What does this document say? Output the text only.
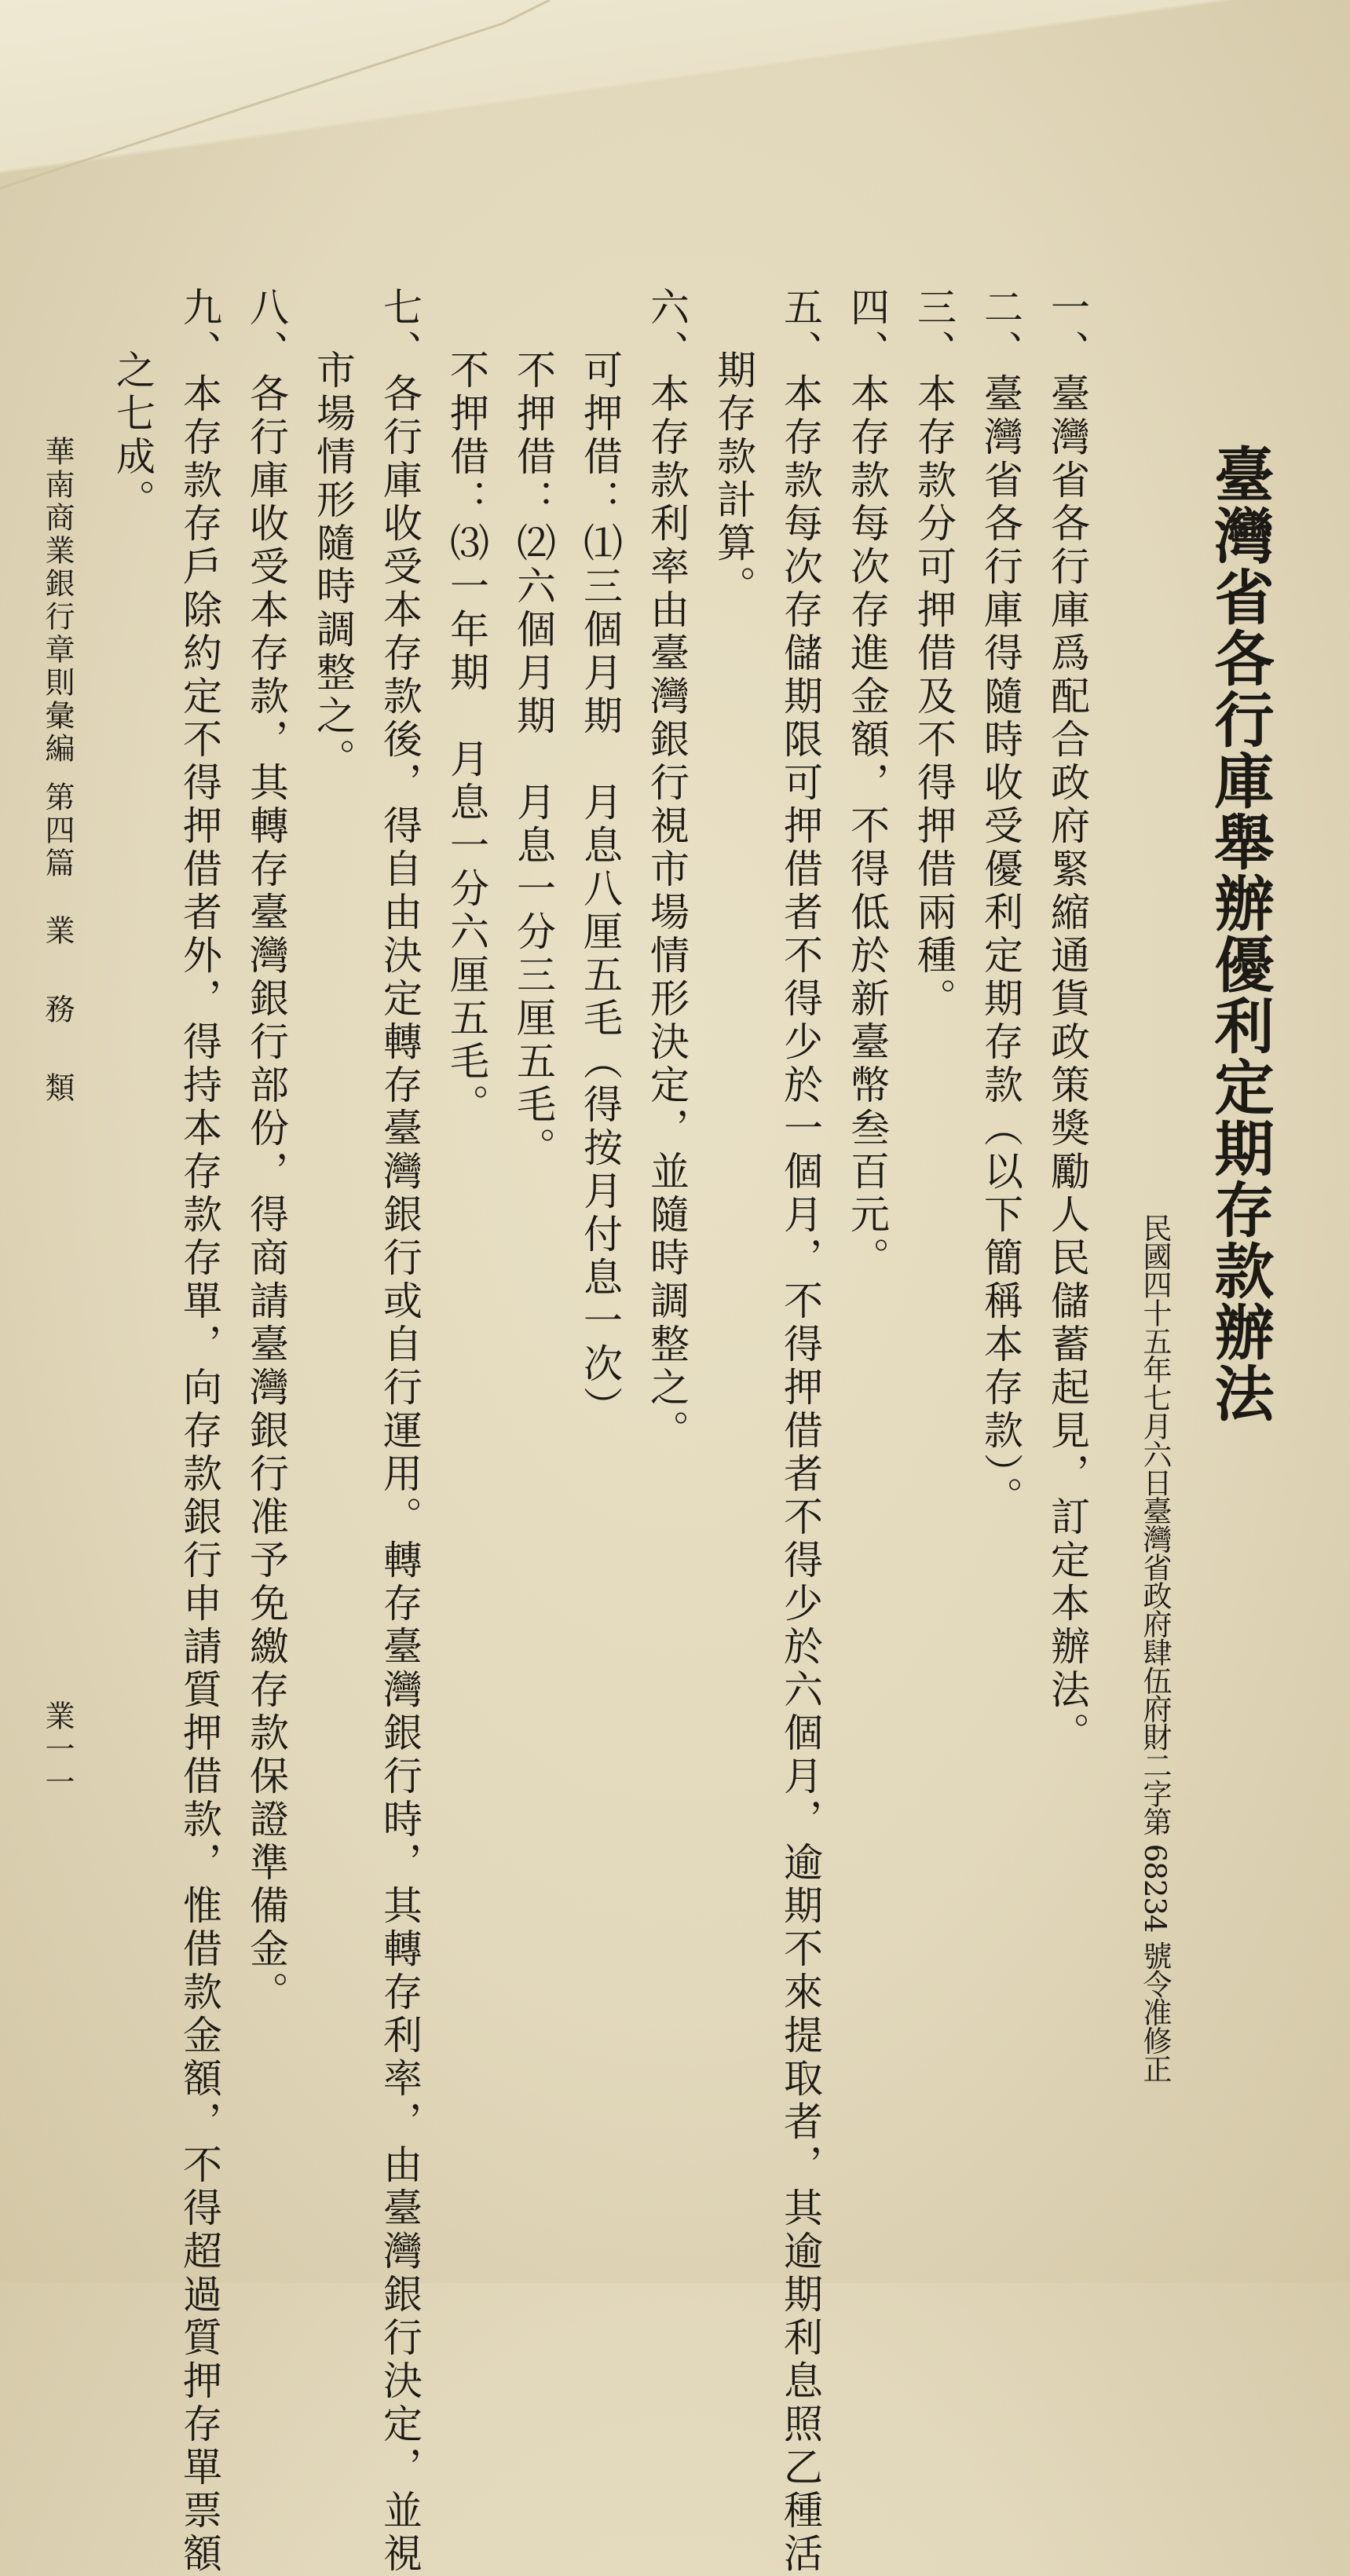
臺灣省各行庫舉辦優利定期存款辦法
民國四十五年七月六日臺灣省政府肆伍府財二字第 68234 號令准修正
一、臺灣省各行庫爲配合政府緊縮通貨政策獎勵人民儲蓄起見，訂定本辦法。
二、臺灣省各行庫得隨時收受優利定期存款（以下簡稱本存款）。
三、本存款分可押借及不得押借兩種。
四、本存款每次存進金額，不得低於新臺幣叁百元。
五、本存款每次存儲期限可押借者不得少於一個月，不得押借者不得少於六個月，逾期不來提取者，其逾期利息照乙種活
期存款計算。
六、本存款利率由臺灣銀行視市場情形決定，並隨時調整之。
可押借：⑴三個月期　月息八厘五毛（得按月付息一次）
不押借：⑵六個月期　月息一分三厘五毛。
不押借：⑶一年期　月息一分六厘五毛。
七、各行庫收受本存款後，得自由決定轉存臺灣銀行或自行運用。轉存臺灣銀行時，其轉存利率，由臺灣銀行決定，並視
市場情形隨時調整之。
八、各行庫收受本存款，其轉存臺灣銀行部份，得商請臺灣銀行准予免繳存款保證準備金。
九、本存款存戶除約定不得押借者外，得持本存款存單，向存款銀行申請質押借款，惟借款金額，不得超過質押存單票額
之七成。
華南商業銀行章則彙編
第四篇
業務類
業一一
